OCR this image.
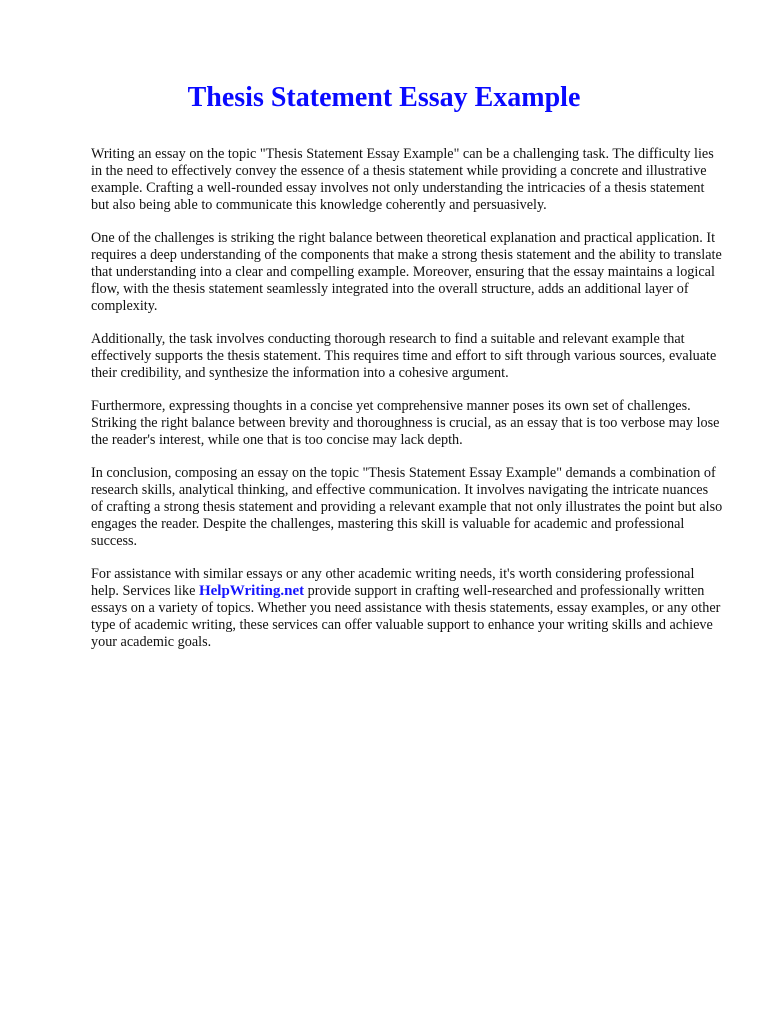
Thesis Statement Essay Example

Writing an essay on the topic "Thesis Statement Essay Example" can be a challenging task. The difficulty lies in the need to effectively convey the essence of a thesis statement while providing a concrete and illustrative example. Crafting a well-rounded essay involves not only understanding the intricacies of a thesis statement but also being able to communicate this knowledge coherently and persuasively.

One of the challenges is striking the right balance between theoretical explanation and practical application. It requires a deep understanding of the components that make a strong thesis statement and the ability to translate that understanding into a clear and compelling example. Moreover, ensuring that the essay maintains a logical flow, with the thesis statement seamlessly integrated into the overall structure, adds an additional layer of complexity.

Additionally, the task involves conducting thorough research to find a suitable and relevant example that effectively supports the thesis statement. This requires time and effort to sift through various sources, evaluate their credibility, and synthesize the information into a cohesive argument.

Furthermore, expressing thoughts in a concise yet comprehensive manner poses its own set of challenges. Striking the right balance between brevity and thoroughness is crucial, as an essay that is too verbose may lose the reader's interest, while one that is too concise may lack depth.

In conclusion, composing an essay on the topic "Thesis Statement Essay Example" demands a combination of research skills, analytical thinking, and effective communication. It involves navigating the intricate nuances of crafting a strong thesis statement and providing a relevant example that not only illustrates the point but also engages the reader. Despite the challenges, mastering this skill is valuable for academic and professional success.

For assistance with similar essays or any other academic writing needs, it's worth considering professional help. Services like HelpWriting.net provide support in crafting well-researched and professionally written essays on a variety of topics. Whether you need assistance with thesis statements, essay examples, or any other type of academic writing, these services can offer valuable support to enhance your writing skills and achieve your academic goals.
